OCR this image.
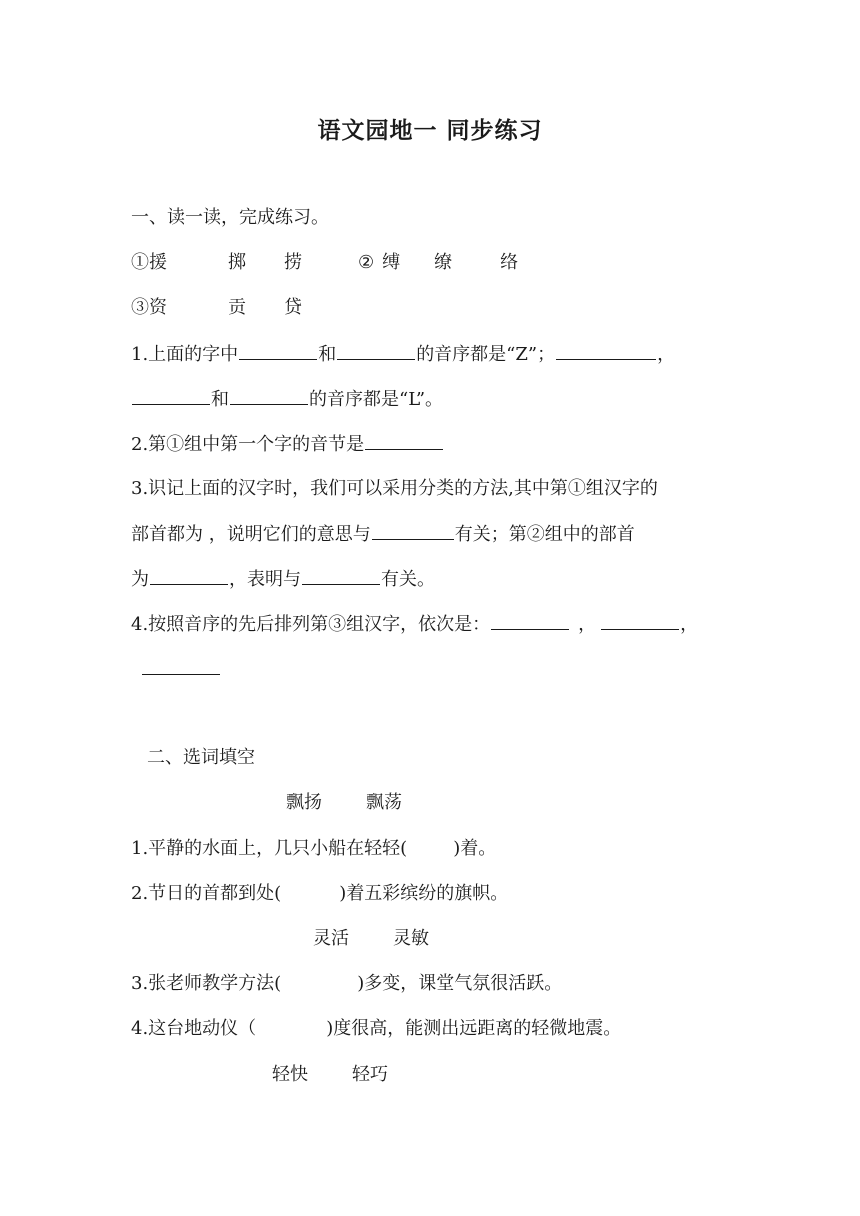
语文园地一 同步练习
一、读一读，完成练习。
①援	掷 捞	② 缚 缭	络
③资	贡 贷
1.上面的字中	和	的音序都是“Z”；	，
和	的音序都是“L”。
2.第①组中第一个字的音节是
3.识记上面的汉字时，我们可以采用分类的方法,其中第①组汉字的
部首都为 ，说明它们的意思与	有关；第②组中的部首
为	，表明与	有关。
4.按照音序的先后排列第③组汉字，依次是：	，	，
二、选词填空
飘扬 飘荡
1.平静的水面上，几只小船在轻轻(	)着。
2.节日的首都到处(	)着五彩缤纷的旗帜。
灵活 灵敏
3.张老师教学方法(	)多变，课堂气氛很活跃。
4.这台地动仪（	)度很高，能测出远距离的轻微地震。
轻快 轻巧
